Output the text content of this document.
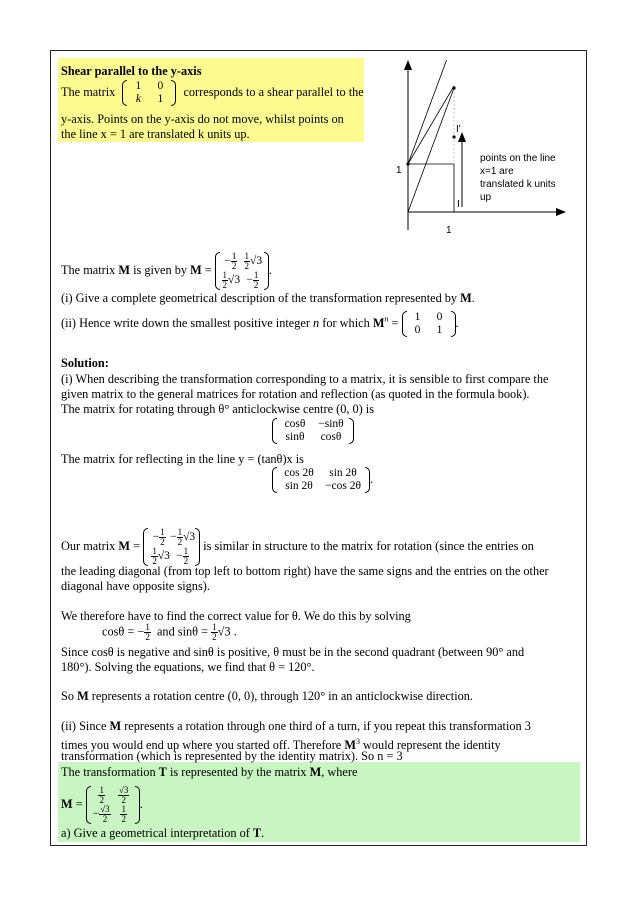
Shear parallel to the y-axis
The matrix	1 0
k 1
corresponds to a shear parallel to the
y-axis. Points on the y-axis do not move, whilst points on
the line x = 1 are translated k units up.
1
1
I
I'
points on the line
x=1 are
translated k units
up
The matrix M is given by M =
− $\frac{1}{2} \frac{1}{2} √3$
$\frac{1}{2} √3 - \frac{1}{2}$
.
(i) Give a complete geometrical description of the transformation represented by M.
(ii) Hence write down the smallest positive integer n for which $M^n$ =	1 0
0 1
.
Solution:
(i) When describing the transformation corresponding to a matrix, it is sensible to first compare the
given matrix to the general matrices for rotation and reflection (as quoted in the formula book).
The matrix for rotating through θ° anticlockwise centre (0, 0) is
cosθ −sinθ
sinθ cosθ
The matrix for reflecting in the line y = (tanθ)x is
cos 2θ sin 2θ
sin 2θ −cos 2θ
.
Our matrix M =
− $\frac{1}{2} - \frac{1}{2} √3$
$\frac{1}{2} √3 - \frac{1}{2}$
is similar in structure to the matrix for rotation (since the entries on
the leading diagonal (from top left to bottom right) have the same signs and the entries on the other
diagonal have opposite signs).
We therefore have to find the correct value for θ. We do this by solving
cosθ = − $\frac{1}{2}$ and $\sin\theta = \frac{1}{2} √3$ .
Since cosθ is negative and sinθ is positive, θ must be in the second quadrant (between 90° and
180°). Solving the equations, we find that θ = 120°.
So M represents a rotation centre (0, 0), through 120° in an anticlockwise direction.
(ii) Since M represents a rotation through one third of a turn, if you repeat this transformation 3
times you would end up where you started off. Therefore $M^3$ would represent the identity
transformation (which is represented by the identity matrix). So n = 3
The transformation T is represented by the matrix M, where
$M = \frac{1}{2} \frac{√3}{2}$
− $\frac{√3}{2} \frac{1}{2}$
.
a) Give a geometrical interpretation of T.
